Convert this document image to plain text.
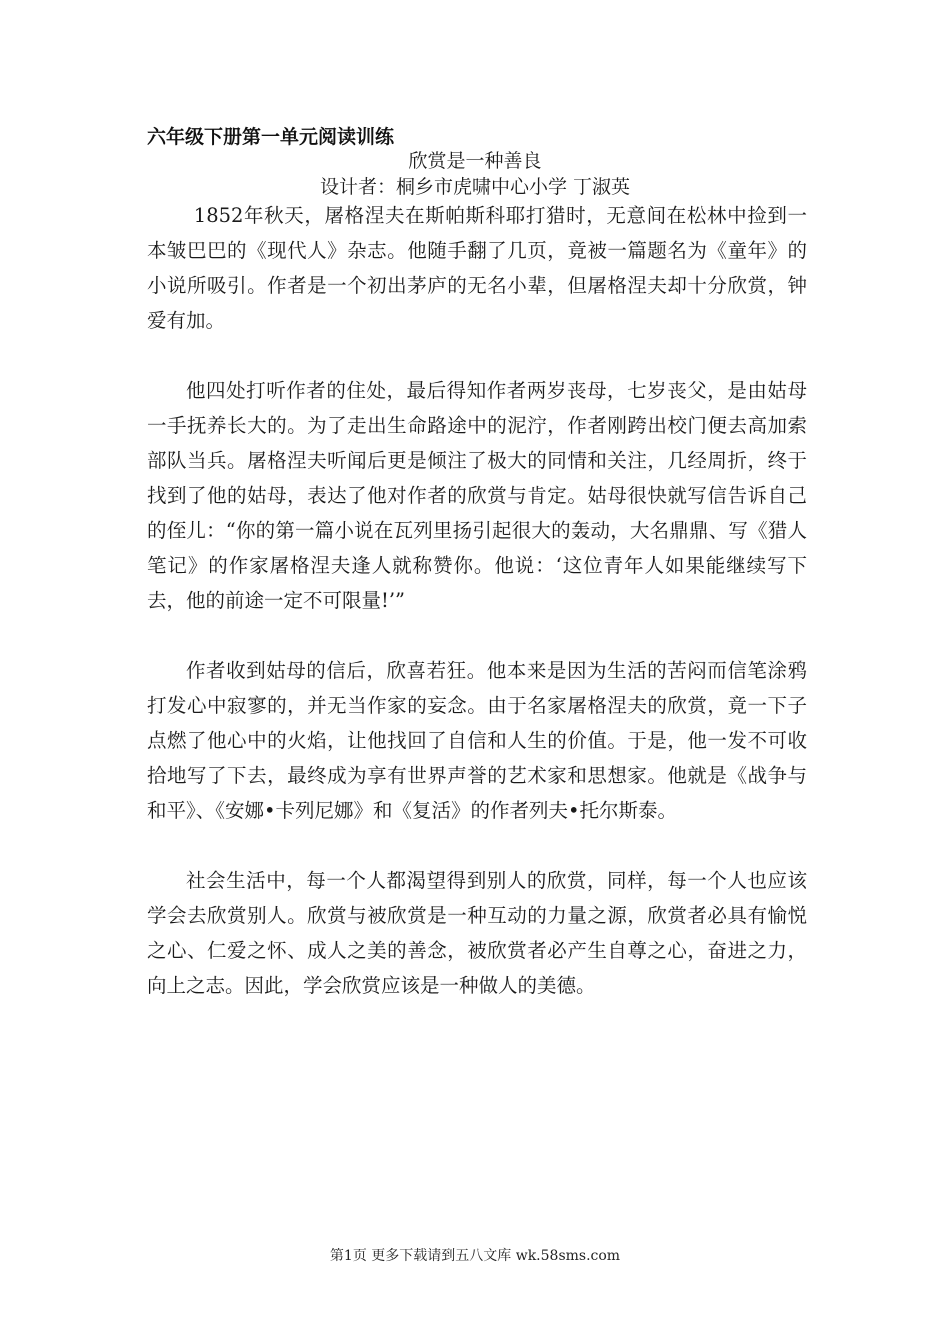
六年级下册第一单元阅读训练
欣赏是一种善良

设计者：桐乡市虎啸中心小学 丁淑英

1852年秋天，屠格涅夫在斯帕斯科耶打猎时，无意间在松林中捡到一本皱巴巴的《现代人》杂志。他随手翻了几页，竟被一篇题名为《童年》的小说所吸引。作者是一个初出茅庐的无名小辈，但屠格涅夫却十分欣赏，钟爱有加。

他四处打听作者的住处，最后得知作者两岁丧母，七岁丧父，是由姑母一手抚养长大的。为了走出生命路途中的泥泞，作者刚跨出校门便去高加索部队当兵。屠格涅夫听闻后更是倾注了极大的同情和关注，几经周折，终于找到了他的姑母，表达了他对作者的欣赏与肯定。姑母很快就写信告诉自己的侄儿：“你的第一篇小说在瓦列里扬引起很大的轰动，大名鼎鼎、写《猎人笔记》的作家屠格涅夫逢人就称赞你。他说：‘这位青年人如果能继续写下去，他的前途一定不可限量!’”

作者收到姑母的信后，欣喜若狂。他本来是因为生活的苦闷而信笔涂鸦打发心中寂寥的，并无当作家的妄念。由于名家屠格涅夫的欣赏，竟一下子点燃了他心中的火焰，让他找回了自信和人生的价值。于是，他一发不可收拾地写了下去，最终成为享有世界声誉的艺术家和思想家。他就是《战争与和平》、《安娜•卡列尼娜》和《复活》的作者列夫•托尔斯泰。

社会生活中，每一个人都渴望得到别人的欣赏，同样，每一个人也应该学会去欣赏别人。欣赏与被欣赏是一种互动的力量之源，欣赏者必具有愉悦之心、仁爱之怀、成人之美的善念，被欣赏者必产生自尊之心，奋进之力，向上之志。因此，学会欣赏应该是一种做人的美德。

第1页 更多下载请到五八文库 wk.58sms.com
